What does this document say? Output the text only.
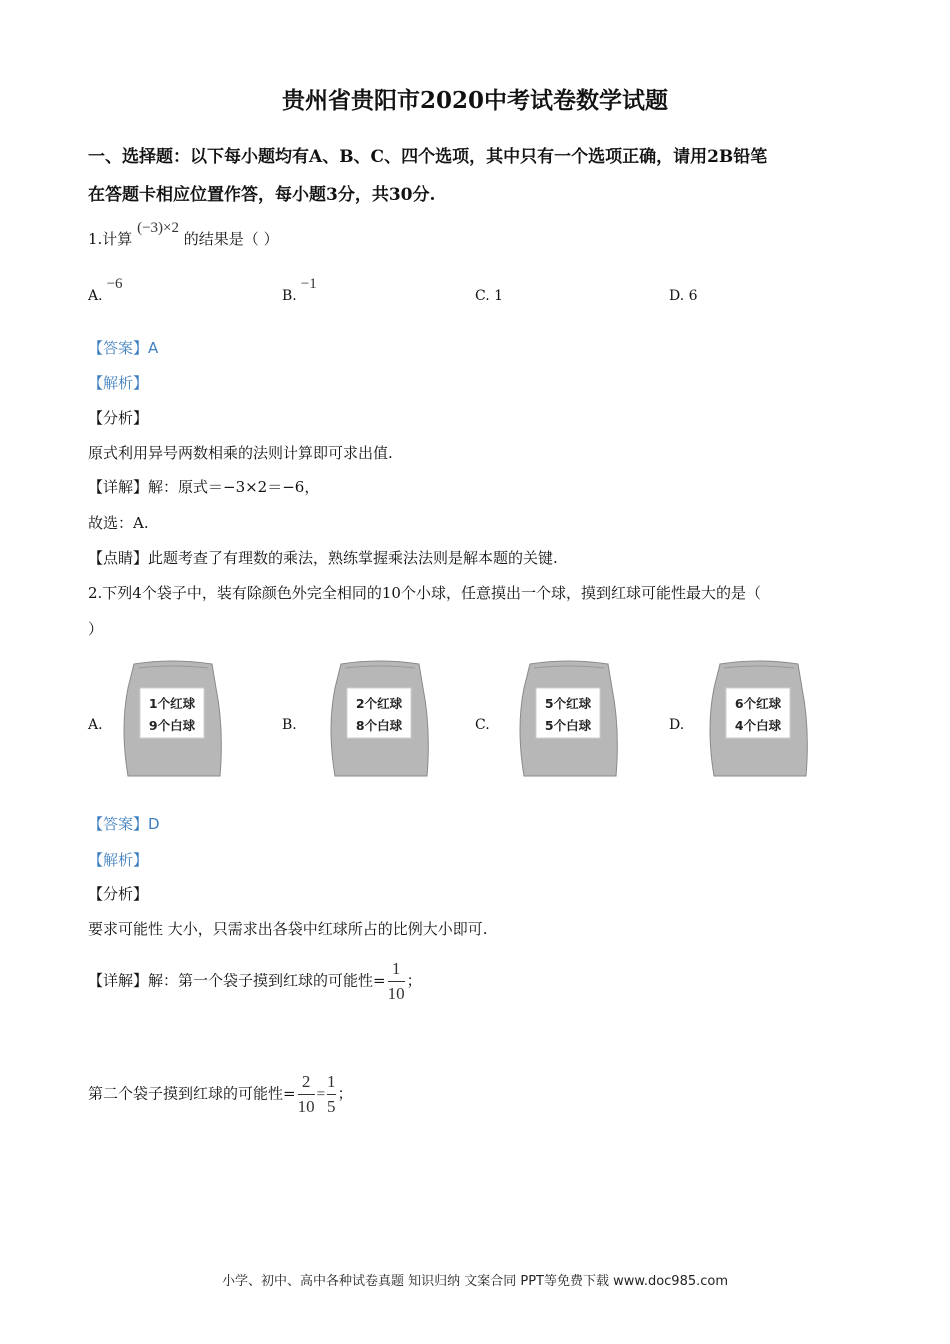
贵州省贵阳市2020中考试卷数学试题
一、选择题：以下每小题均有A、B、C、四个选项，其中只有一个选项正确，请用2B铅笔
在答题卡相应位置作答，每小题3分，共30分.
1.计算 (−3)×2 的结果是（ ）
A.−6
B.−1
C. 1	D. 6
【答案】A
【解析】
【分析】
原式利用异号两数相乘的法则计算即可求出值.
【详解】解：原式＝−3×2＝−6，
故选：A.
【点睛】此题考查了有理数的乘法，熟练掌握乘法法则是解本题的关键.
2.下列4个袋子中，装有除颜色外完全相同的10个小球，任意摸出一个球，摸到红球可能性最大的是（
）
A.	B.	C.	D.
1个红球
9个白球
2个红球
8个白球
5个红球
5个白球
6个红球
4个白球
【答案】D
【解析】
【分析】
要求可能性 大小，只需求出各袋中红球所占的比例大小即可.
【详解】解：第一个袋子摸到红球的可能性= $\frac{1}{10}$ ；
第二个袋子摸到红球的可能性= $\frac{2}{10} = \frac{1}{5}$ ；
小学、初中、高中各种试卷真题 知识归纳 文案合同 PPT等免费下载 www.doc985.com
